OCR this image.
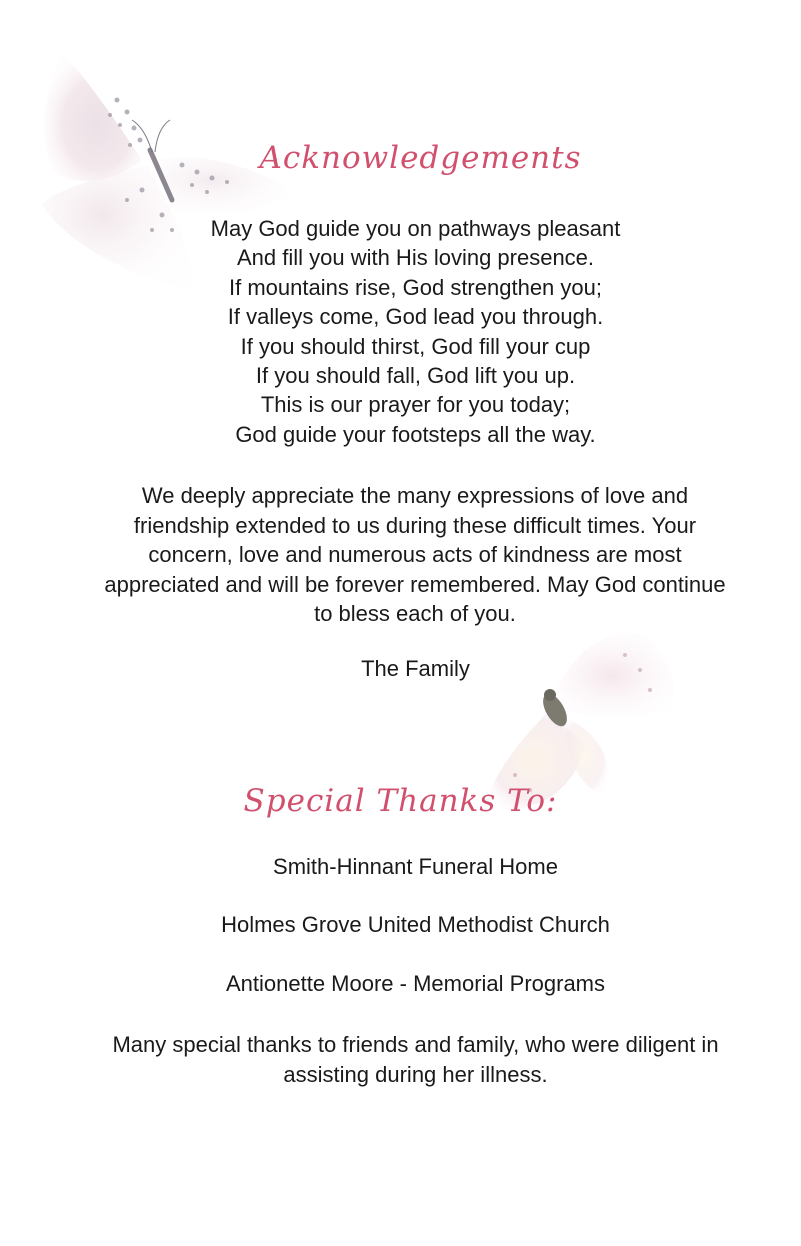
Acknowledgements
May God guide you on pathways pleasant
And fill you with His loving presence.
If mountains rise, God strengthen you;
If valleys come, God lead you through.
If you should thirst, God fill your cup
If you should fall, God lift you up.
This is our prayer for you today;
God guide your footsteps all the way.
We deeply appreciate the many expressions of love and
friendship extended to us during these difficult times. Your
concern, love and numerous acts of kindness are most
appreciated and will be forever remembered. May God continue
to bless each of you.
The Family
Special Thanks To:
Smith-Hinnant Funeral Home
Holmes Grove United Methodist Church
Antionette Moore - Memorial Programs
Many special thanks to friends and family, who were diligent in
assisting during her illness.
